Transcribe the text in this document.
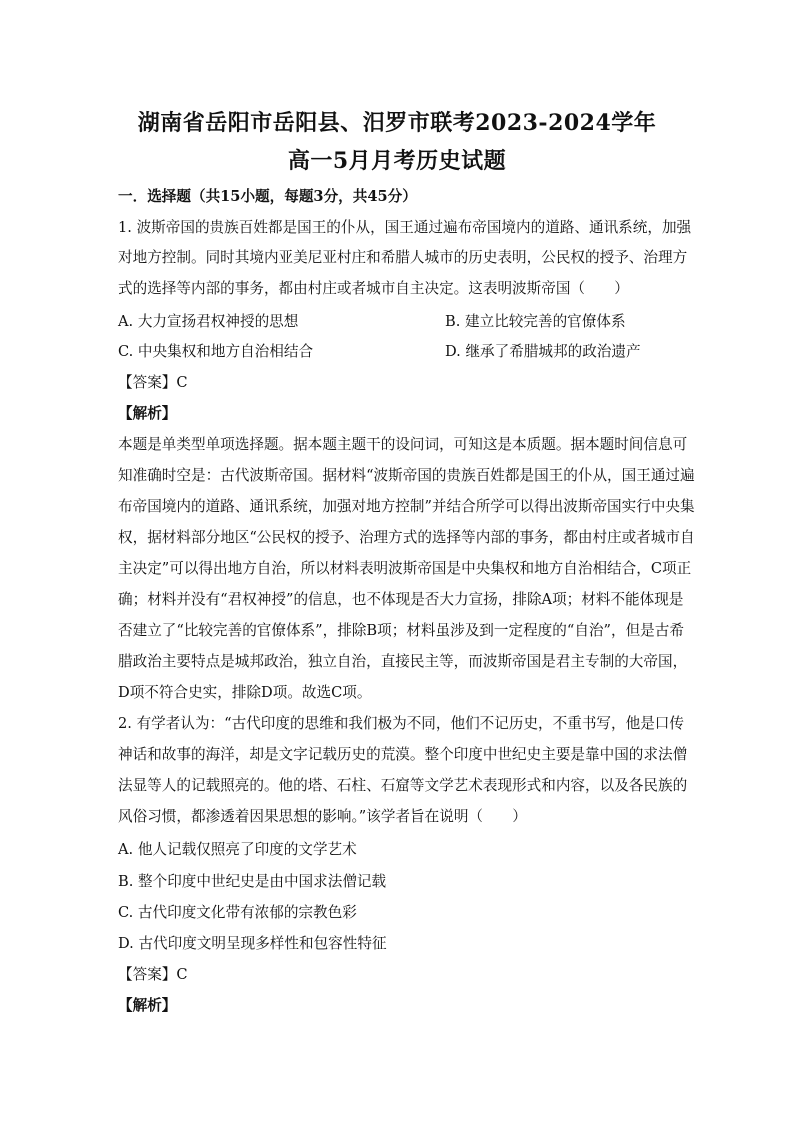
湖南省岳阳市岳阳县、汨罗市联考2023-2024学年
高一5月月考历史试题
一．选择题（共15小题，每题3分，共45分）
1. 波斯帝国的贵族百姓都是国王的仆从，国王通过遍布帝国境内的道路、通讯系统，加强
对地方控制。同时其境内亚美尼亚村庄和希腊人城市的历史表明，公民权的授予、治理方
式的选择等内部的事务，都由村庄或者城市自主决定。这表明波斯帝国（　　）
A. 大力宣扬君权神授的思想	B. 建立比较完善的官僚体系
C. 中央集权和地方自治相结合	D. 继承了希腊城邦的政治遗产
【答案】C
【解析】
本题是单类型单项选择题。据本题主题干的设问词，可知这是本质题。据本题时间信息可
知准确时空是：古代波斯帝国。据材料“波斯帝国的贵族百姓都是国王的仆从，国王通过遍
布帝国境内的道路、通讯系统，加强对地方控制”并结合所学可以得出波斯帝国实行中央集
权，据材料部分地区“公民权的授予、治理方式的选择等内部的事务，都由村庄或者城市自
主决定”可以得出地方自治，所以材料表明波斯帝国是中央集权和地方自治相结合，C项正
确；材料并没有“君权神授”的信息，也不体现是否大力宣扬，排除A项；材料不能体现是
否建立了“比较完善的官僚体系”，排除B项；材料虽涉及到一定程度的“自治”，但是古希
腊政治主要特点是城邦政治，独立自治，直接民主等，而波斯帝国是君主专制的大帝国，
D项不符合史实，排除D项。故选C项。
2. 有学者认为：“古代印度的思维和我们极为不同，他们不记历史，不重书写，他是口传
神话和故事的海洋，却是文字记载历史的荒漠。整个印度中世纪史主要是靠中国的求法僧
法显等人的记载照亮的。他的塔、石柱、石窟等文学艺术表现形式和内容，以及各民族的
风俗习惯，都渗透着因果思想的影响。”该学者旨在说明（　　）
A. 他人记载仅照亮了印度的文学艺术
B. 整个印度中世纪史是由中国求法僧记载
C. 古代印度文化带有浓郁的宗教色彩
D. 古代印度文明呈现多样性和包容性特征
【答案】C
【解析】
